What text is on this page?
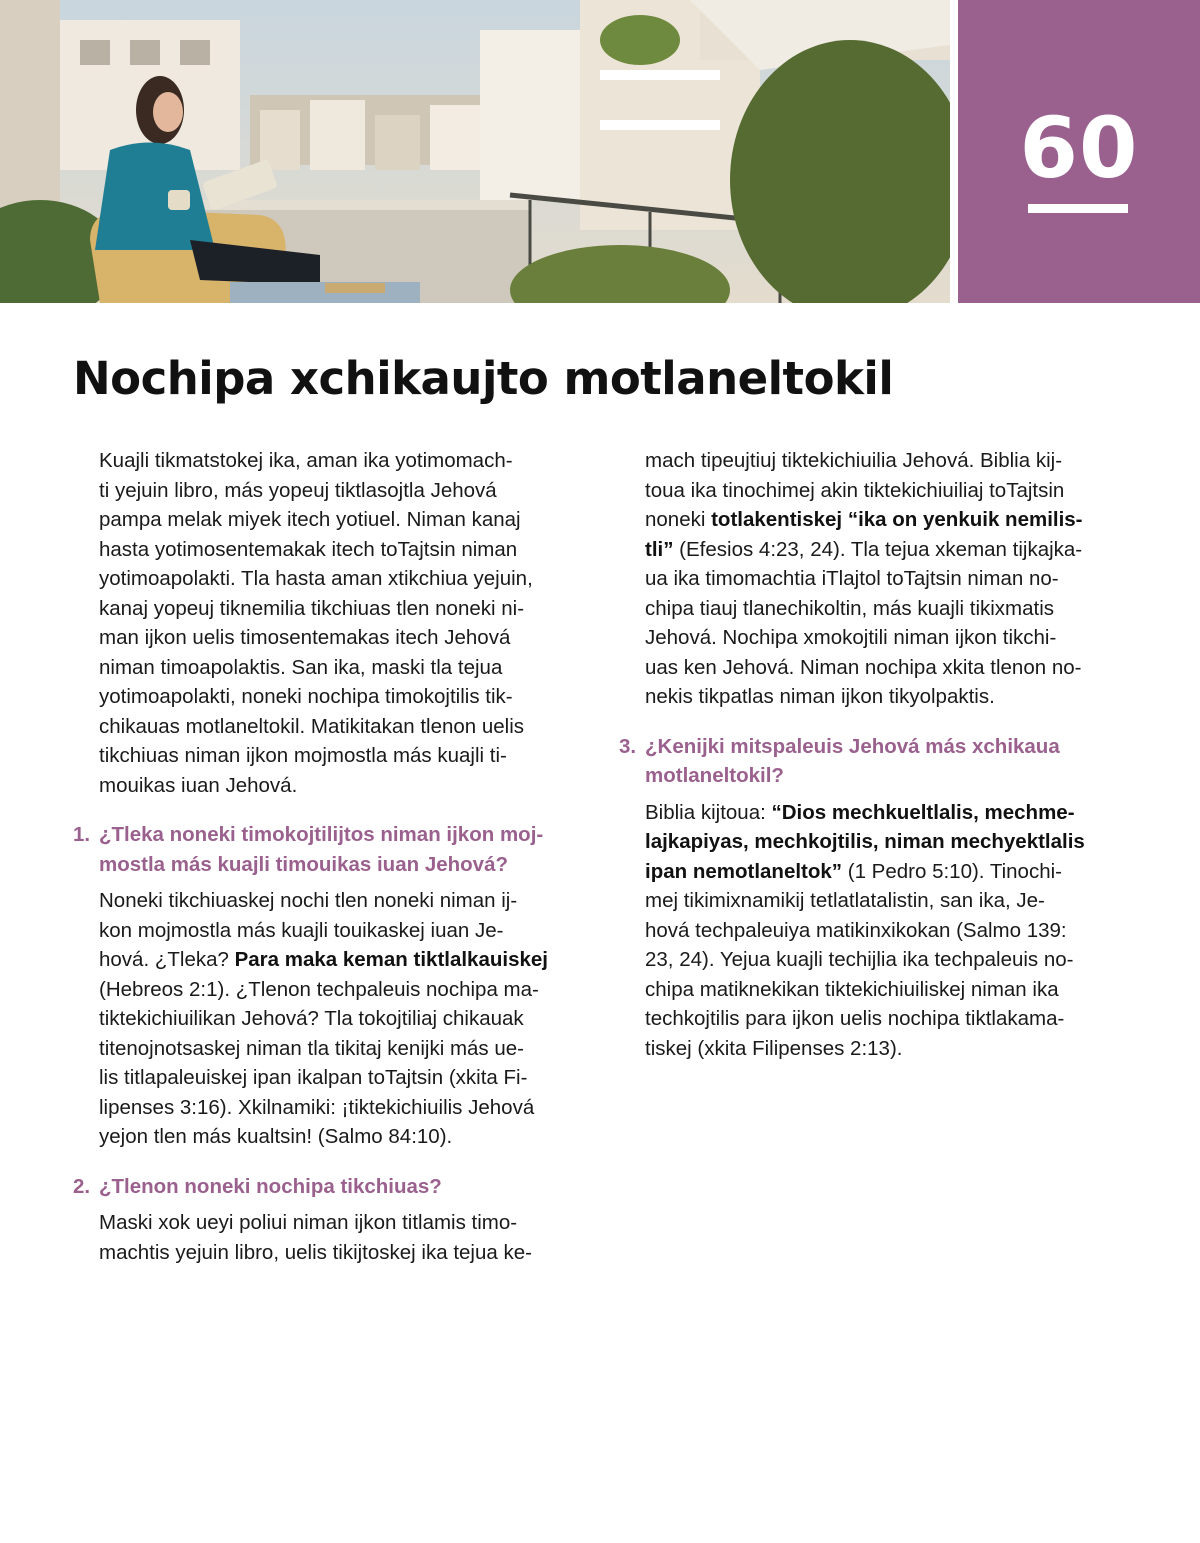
60
Nochipa xchikaujto motlaneltokil
Kuajli tikmatstokej ika, aman ika yotimomach-
ti yejuin libro, más yopeuj tiktlasojtla Jehová
pampa melak miyek itech yotiuel. Niman kanaj
hasta yotimosentemakak itech toTajtsin niman
yotimoapolakti. Tla hasta aman xtikchiua yejuin,
kanaj yopeuj tiknemilia tikchiuas tlen noneki ni-
man ijkon uelis timosentemakas itech Jehová
niman timoapolaktis. San ika, maski tla tejua
yotimoapolakti, noneki nochipa timokojtilis tik-
chikauas motlaneltokil. Matikitakan tlenon uelis
tikchiuas niman ijkon mojmostla más kuajli ti-
mouikas iuan Jehová.
1. ¿Tleka noneki timokojtilijtos niman ijkon moj-
mostla más kuajli timouikas iuan Jehová?
Noneki tikchiuaskej nochi tlen noneki niman ij-
kon mojmostla más kuajli touikaskej iuan Je-
hová. ¿Tleka? Para maka keman tiktlalkauiskej
(Hebreos 2:1). ¿Tlenon techpaleuis nochipa ma-
tiktekichiuilikan Jehová? Tla tokojtiliaj chikauak
titenojnotsaskej niman tla tikitaj kenijki más ue-
lis titlapaleuiskej ipan ikalpan toTajtsin (xkita Fi-
lipenses 3:16). Xkilnamiki: ¡tiktekichiuilis Jehová
yejon tlen más kualtsin! (Salmo 84:10).
2. ¿Tlenon noneki nochipa tikchiuas?
Maski xok ueyi poliui niman ijkon titlamis timo-
machtis yejuin libro, uelis tikijtoskej ika tejua ke-
mach tipeujtiuj tiktekichiuilia Jehová. Biblia kij-
toua ika tinochimej akin tiktekichiuiliaj toTajtsin
noneki totlakentiskej “ika on yenkuik nemilis-
tli” (Efesios 4:23, 24). Tla tejua xkeman tijkajka-
ua ika timomachtia iTlajtol toTajtsin niman no-
chipa tiauj tlanechikoltin, más kuajli tikixmatis
Jehová. Nochipa xmokojtili niman ijkon tikchi-
uas ken Jehová. Niman nochipa xkita tlenon no-
nekis tikpatlas niman ijkon tikyolpaktis.
3. ¿Kenijki mitspaleuis Jehová más xchikaua
motlaneltokil?
Biblia kijtoua: “Dios mechkueltlalis, mechme-
lajkapiyas, mechkojtilis, niman mechyektlalis
ipan nemotlaneltok” (1 Pedro 5:10). Tinochi-
mej tikimixnamikij tetlatlatalistin, san ika, Je-
hová techpaleuiya matikinxikokan (Salmo 139:
23, 24). Yejua kuajli techijlia ika techpaleuis no-
chipa matiknekikan tiktekichiuiliskej niman ika
techkojtilis para ijkon uelis nochipa tiktlakama-
tiskej (xkita Filipenses 2:13).
